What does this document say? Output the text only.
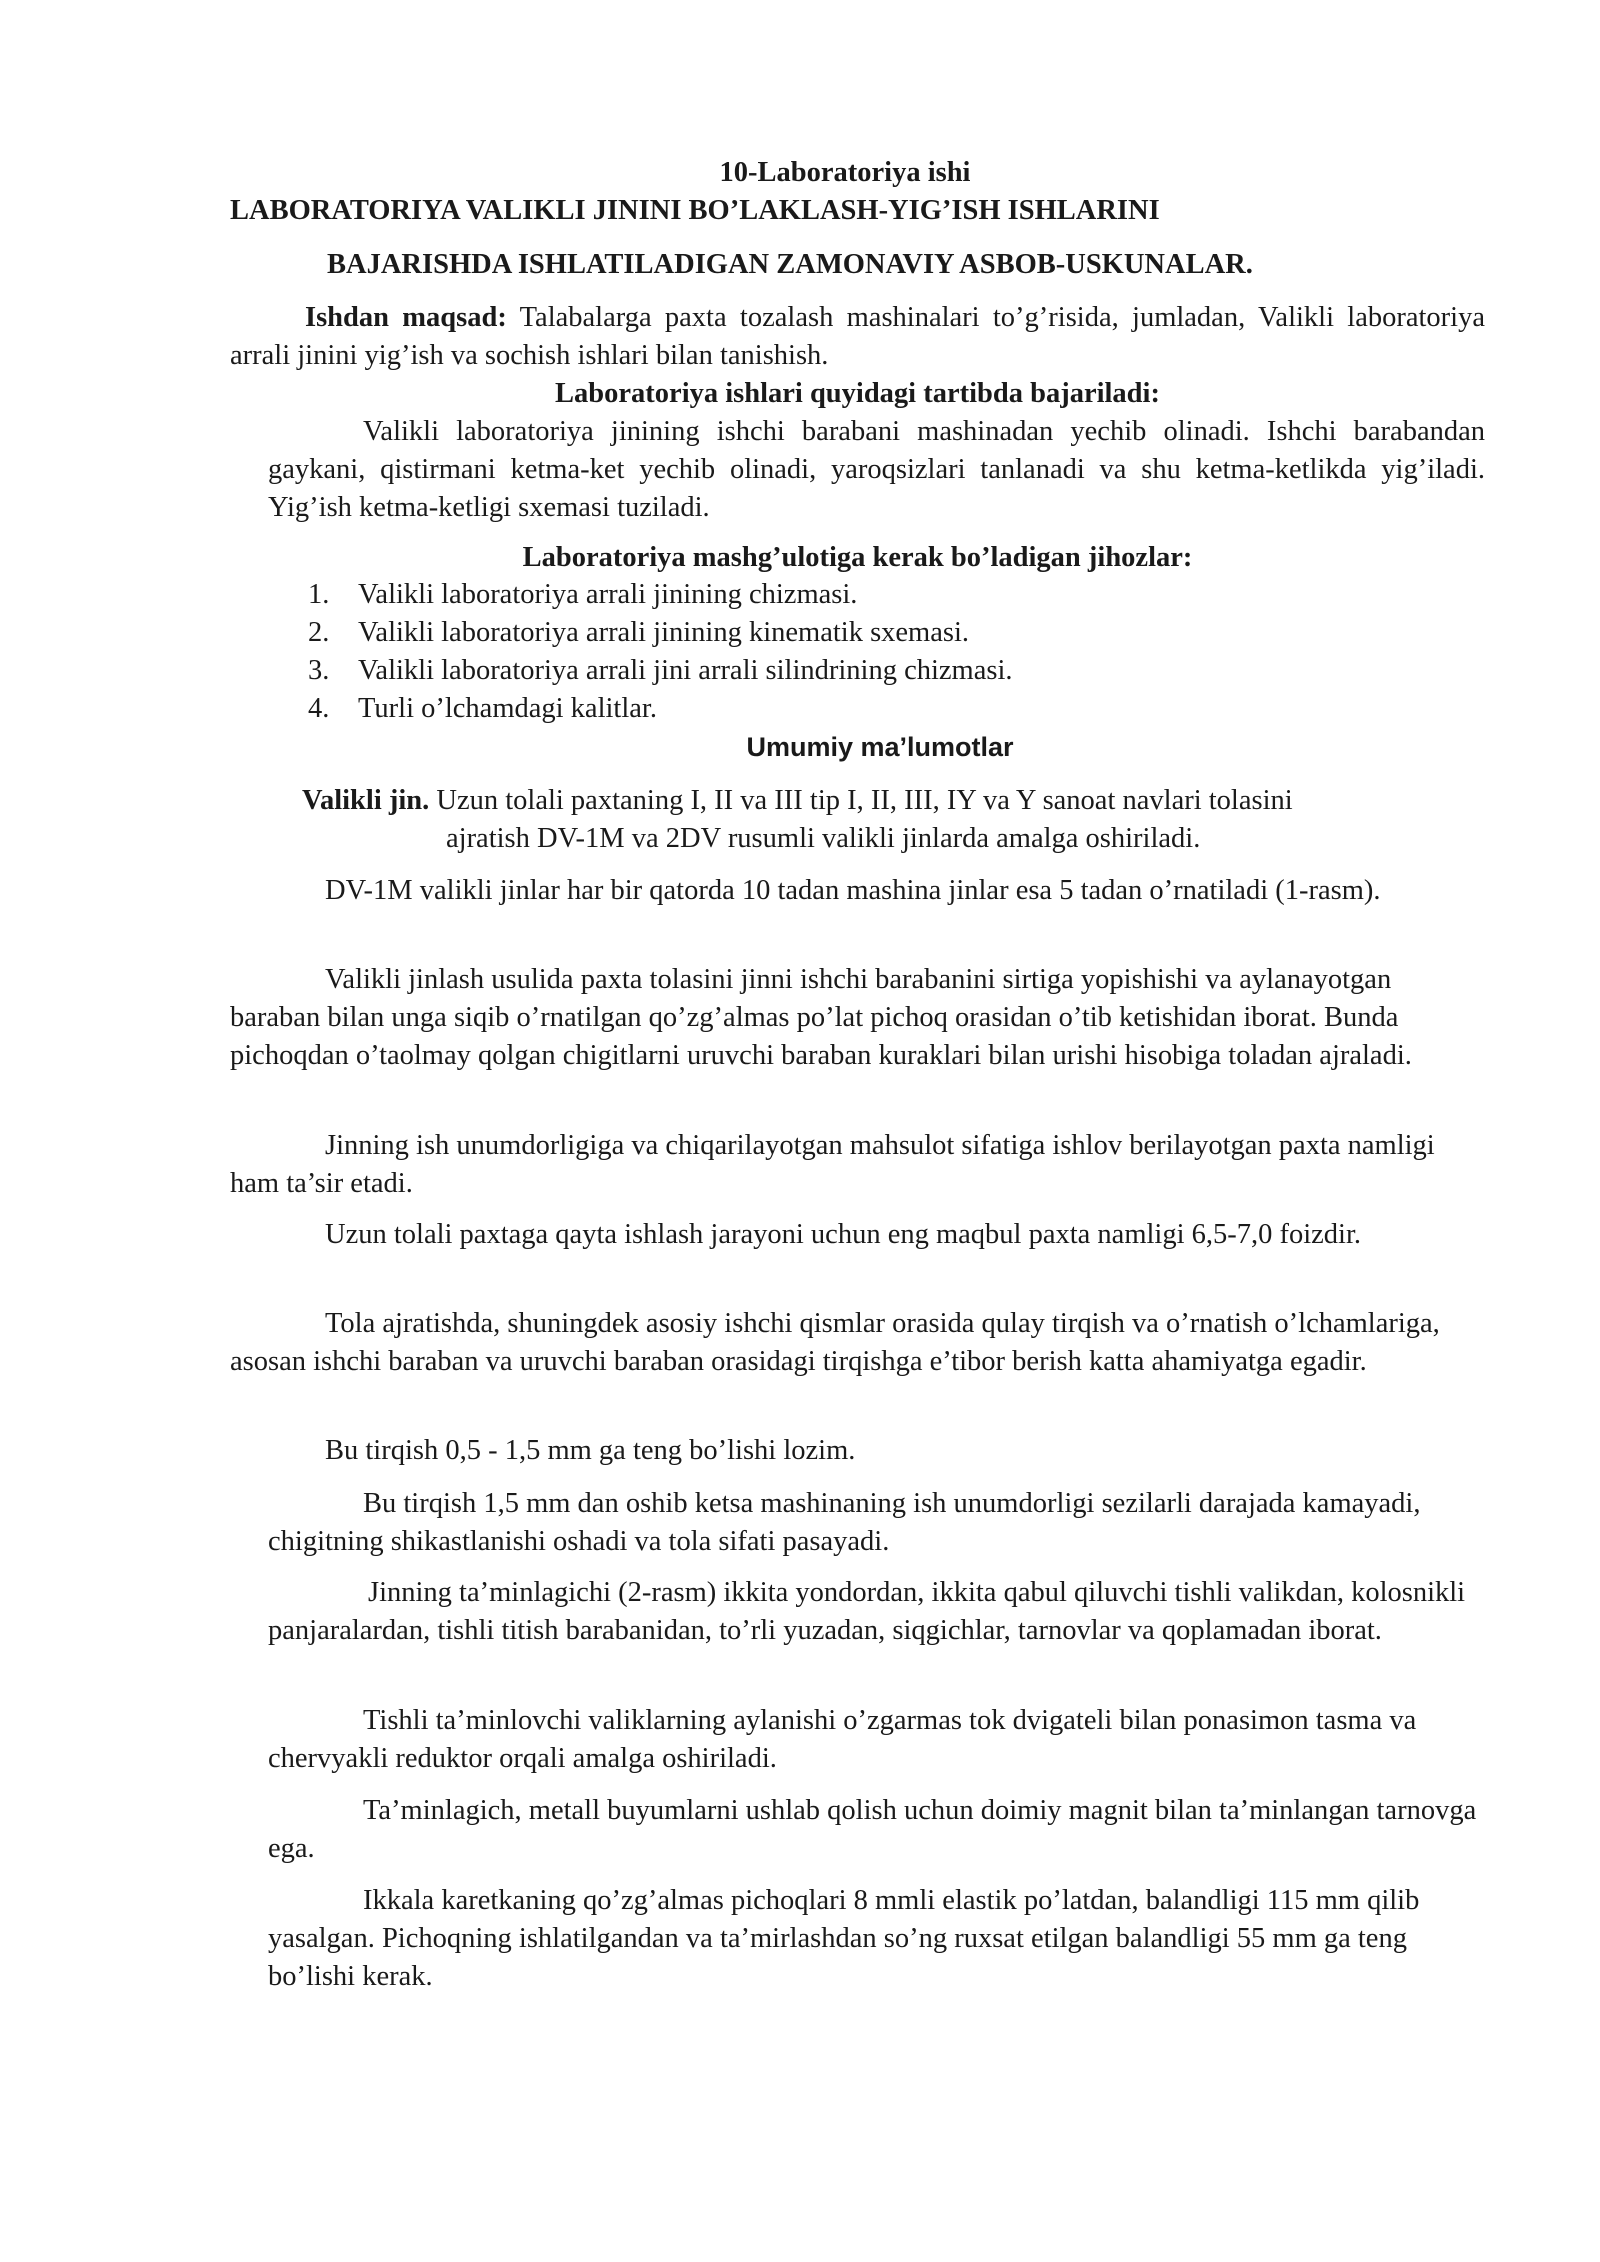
10-Laboratoriya ishi
LABORATORIYA VALIKLI JININI BO’LAKLASH-YIG’ISH ISHLARINI
BAJARISHDA ISHLATILADIGAN ZAMONAVIY ASBOB-USKUNALAR.

Ishdan maqsad: Talabalarga paxta tozalash mashinalari to’g’risida, jumladan, Valikli laboratoriya arrali jinini yig’ish va sochish ishlari bilan tanishish.

Laboratoriya ishlari quyidagi tartibda bajariladi:

Valikli laboratoriya jinining ishchi barabani mashinadan yechib olinadi. Ishchi barabandan gaykani, qistirmani ketma-ket yechib olinadi, yaroqsizlari tanlanadi va shu ketma-ketlikda yig’iladi. Yig’ish ketma-ketligi sxemasi tuziladi.

Laboratoriya mashg’ulotiga kerak bo’ladigan jihozlar:
1. Valikli laboratoriya arrali jinining chizmasi.
2. Valikli laboratoriya arrali jinining kinematik sxemasi.
3. Valikli laboratoriya arrali jini arrali silindrining chizmasi.
4. Turli o’lchamdagi kalitlar.
Umumiy ma’lumotlar
Valikli jin. Uzun tolali paxtaning I, II va III tip I, II, III, IY va Y sanoat navlari tolasini
ajratish DV-1M va 2DV rusumli valikli jinlarda amalga oshiriladi.

DV-1M valikli jinlar har bir qatorda 10 tadan mashina jinlar esa 5 tadan o’rnatiladi (1-rasm).

Valikli jinlash usulida paxta tolasini jinni ishchi barabanini sirtiga yopishishi va aylanayotgan baraban bilan unga siqib o’rnatilgan qo’zg’almas po’lat pichoq orasidan o’tib ketishidan iborat. Bunda pichoqdan o’taolmay qolgan chigitlarni uruvchi baraban kuraklari bilan urishi hisobiga toladan ajraladi.

Jinning ish unumdorligiga va chiqarilayotgan mahsulot sifatiga ishlov berilayotgan paxta namligi ham ta’sir etadi.

Uzun tolali paxtaga qayta ishlash jarayoni uchun eng maqbul paxta namligi 6,5-7,0 foizdir.

Tola ajratishda, shuningdek asosiy ishchi qismlar orasida qulay tirqish va o’rnatish o’lchamlariga, asosan ishchi baraban va uruvchi baraban orasidagi tirqishga e’tibor berish katta ahamiyatga egadir.

Bu tirqish 0,5 - 1,5 mm ga teng bo’lishi lozim.

Bu tirqish 1,5 mm dan oshib ketsa mashinaning ish unumdorligi sezilarli darajada kamayadi, chigitning shikastlanishi oshadi va tola sifati pasayadi.

Jinning ta’minlagichi (2-rasm) ikkita yondordan, ikkita qabul qiluvchi tishli valikdan, kolosnikli panjaralardan, tishli titish barabanidan, to’rli yuzadan, siqgichlar, tarnovlar va qoplamadan iborat.

Tishli ta’minlovchi valiklarning aylanishi o’zgarmas tok dvigateli bilan ponasimon tasma va chervyakli reduktor orqali amalga oshiriladi.

Ta’minlagich, metall buyumlarni ushlab qolish uchun doimiy magnit bilan ta’minlangan tarnovga ega.

Ikkala karetkaning qo’zg’almas pichoqlari 8 mmli elastik po’latdan, balandligi 115 mm qilib yasalgan. Pichoqning ishlatilgandan va ta’mirlashdan so’ng ruxsat etilgan balandligi 55 mm ga teng bo’lishi kerak.
